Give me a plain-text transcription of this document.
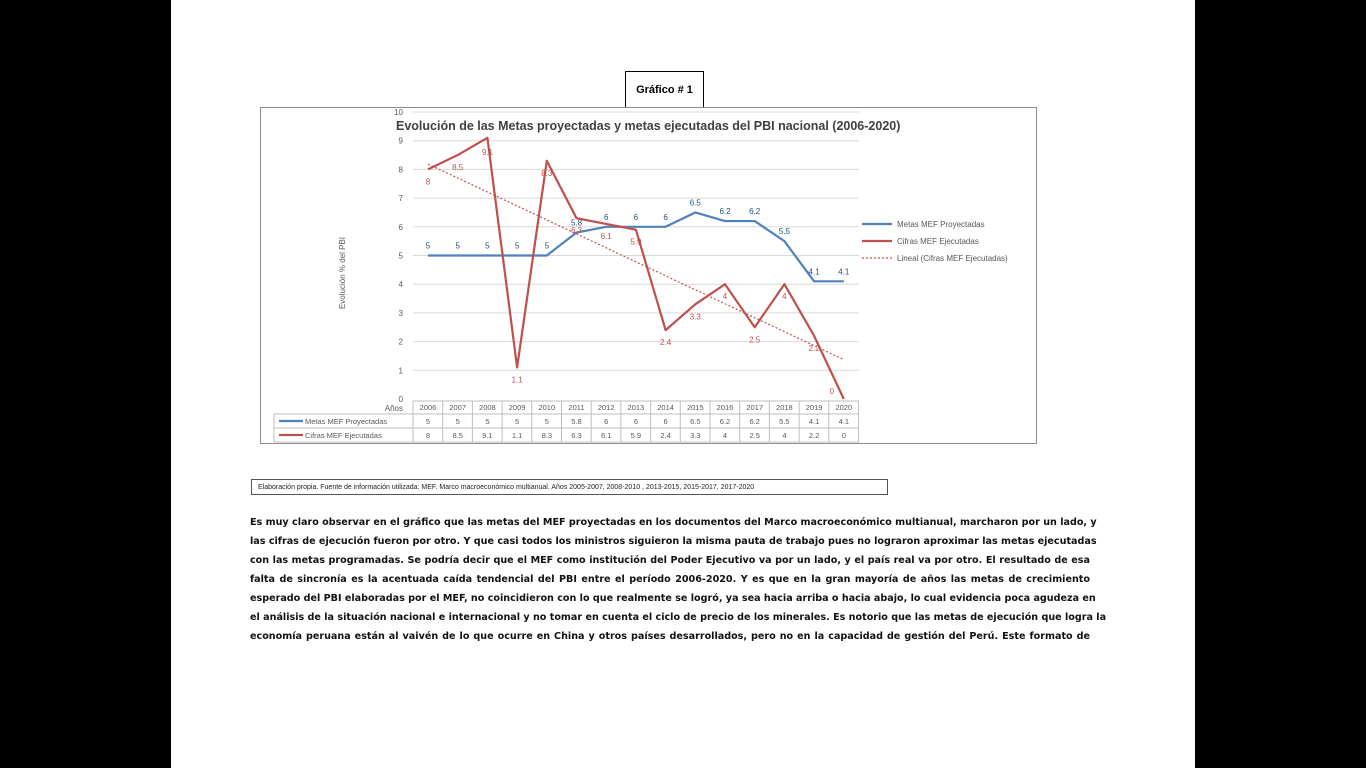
Gráfico # 1
Evolución de las Metas proyectadas y metas ejecutadas del PBI nacional (2006-2020)
0
1
2
3
4
5
6
7
8
9
10
Evolución % del PBI	5	5	5	5	5
5.8
6	6	6
6.5
6.2 6.2
5.5
4.1 4.1
8
8.5
9.1
1.1
8.3
6.3
6.1
5.9
2.4
3.3
4
2.5
4
2.2
0
Metas MEF Proyectadas
Cifras MEF Ejecutadas
Lineal (Cifras MEF Ejecutadas)
Años 2006 2007 2008 2009 2010 2011 2012 2013 2014 2015 2016 2017 2018 2019 2020
Metas MEF Proyectadas	5	5	5	5	5	5.8	6	6	6	6.5	6.2	6.2	5.5	4.1	4.1
Cifras MEF Ejecutadas	8	8.5	9.1	1.1	8.3	6.3	6.1	5.9	2.4	3.3	4	2.5	4	2.2	0
Elaboración propia. Fuente de información utilizada: MEF. Marco macroeconómico multianual. Años 2005-2007, 2008-2010 , 2013-2015, 2015-2017, 2017-2020
Es muy claro observar en el gráfico que las metas del MEF proyectadas en los documentos del Marco macroeconómico multianual, marcharon por un lado, y
las cifras de ejecución fueron por otro. Y que casi todos los ministros siguieron la misma pauta de trabajo pues no lograron aproximar las metas ejecutadas
con las metas programadas. Se podría decir que el MEF como institución del Poder Ejecutivo va por un lado, y el país real va por otro. El resultado de esa
falta de sincronía es la acentuada caída tendencial del PBI entre el período 2006-2020. Y es que en la gran mayoría de años las metas de crecimiento
esperado del PBI elaboradas por el MEF, no coincidieron con lo que realmente se logró, ya sea hacia arriba o hacia abajo, lo cual evidencia poca agudeza en
el análisis de la situación nacional e internacional y no tomar en cuenta el ciclo de precio de los minerales. Es notorio que las metas de ejecución que logra la
economía peruana están al vaivén de lo que ocurre en China y otros países desarrollados, pero no en la capacidad de gestión del Perú. Este formato de
